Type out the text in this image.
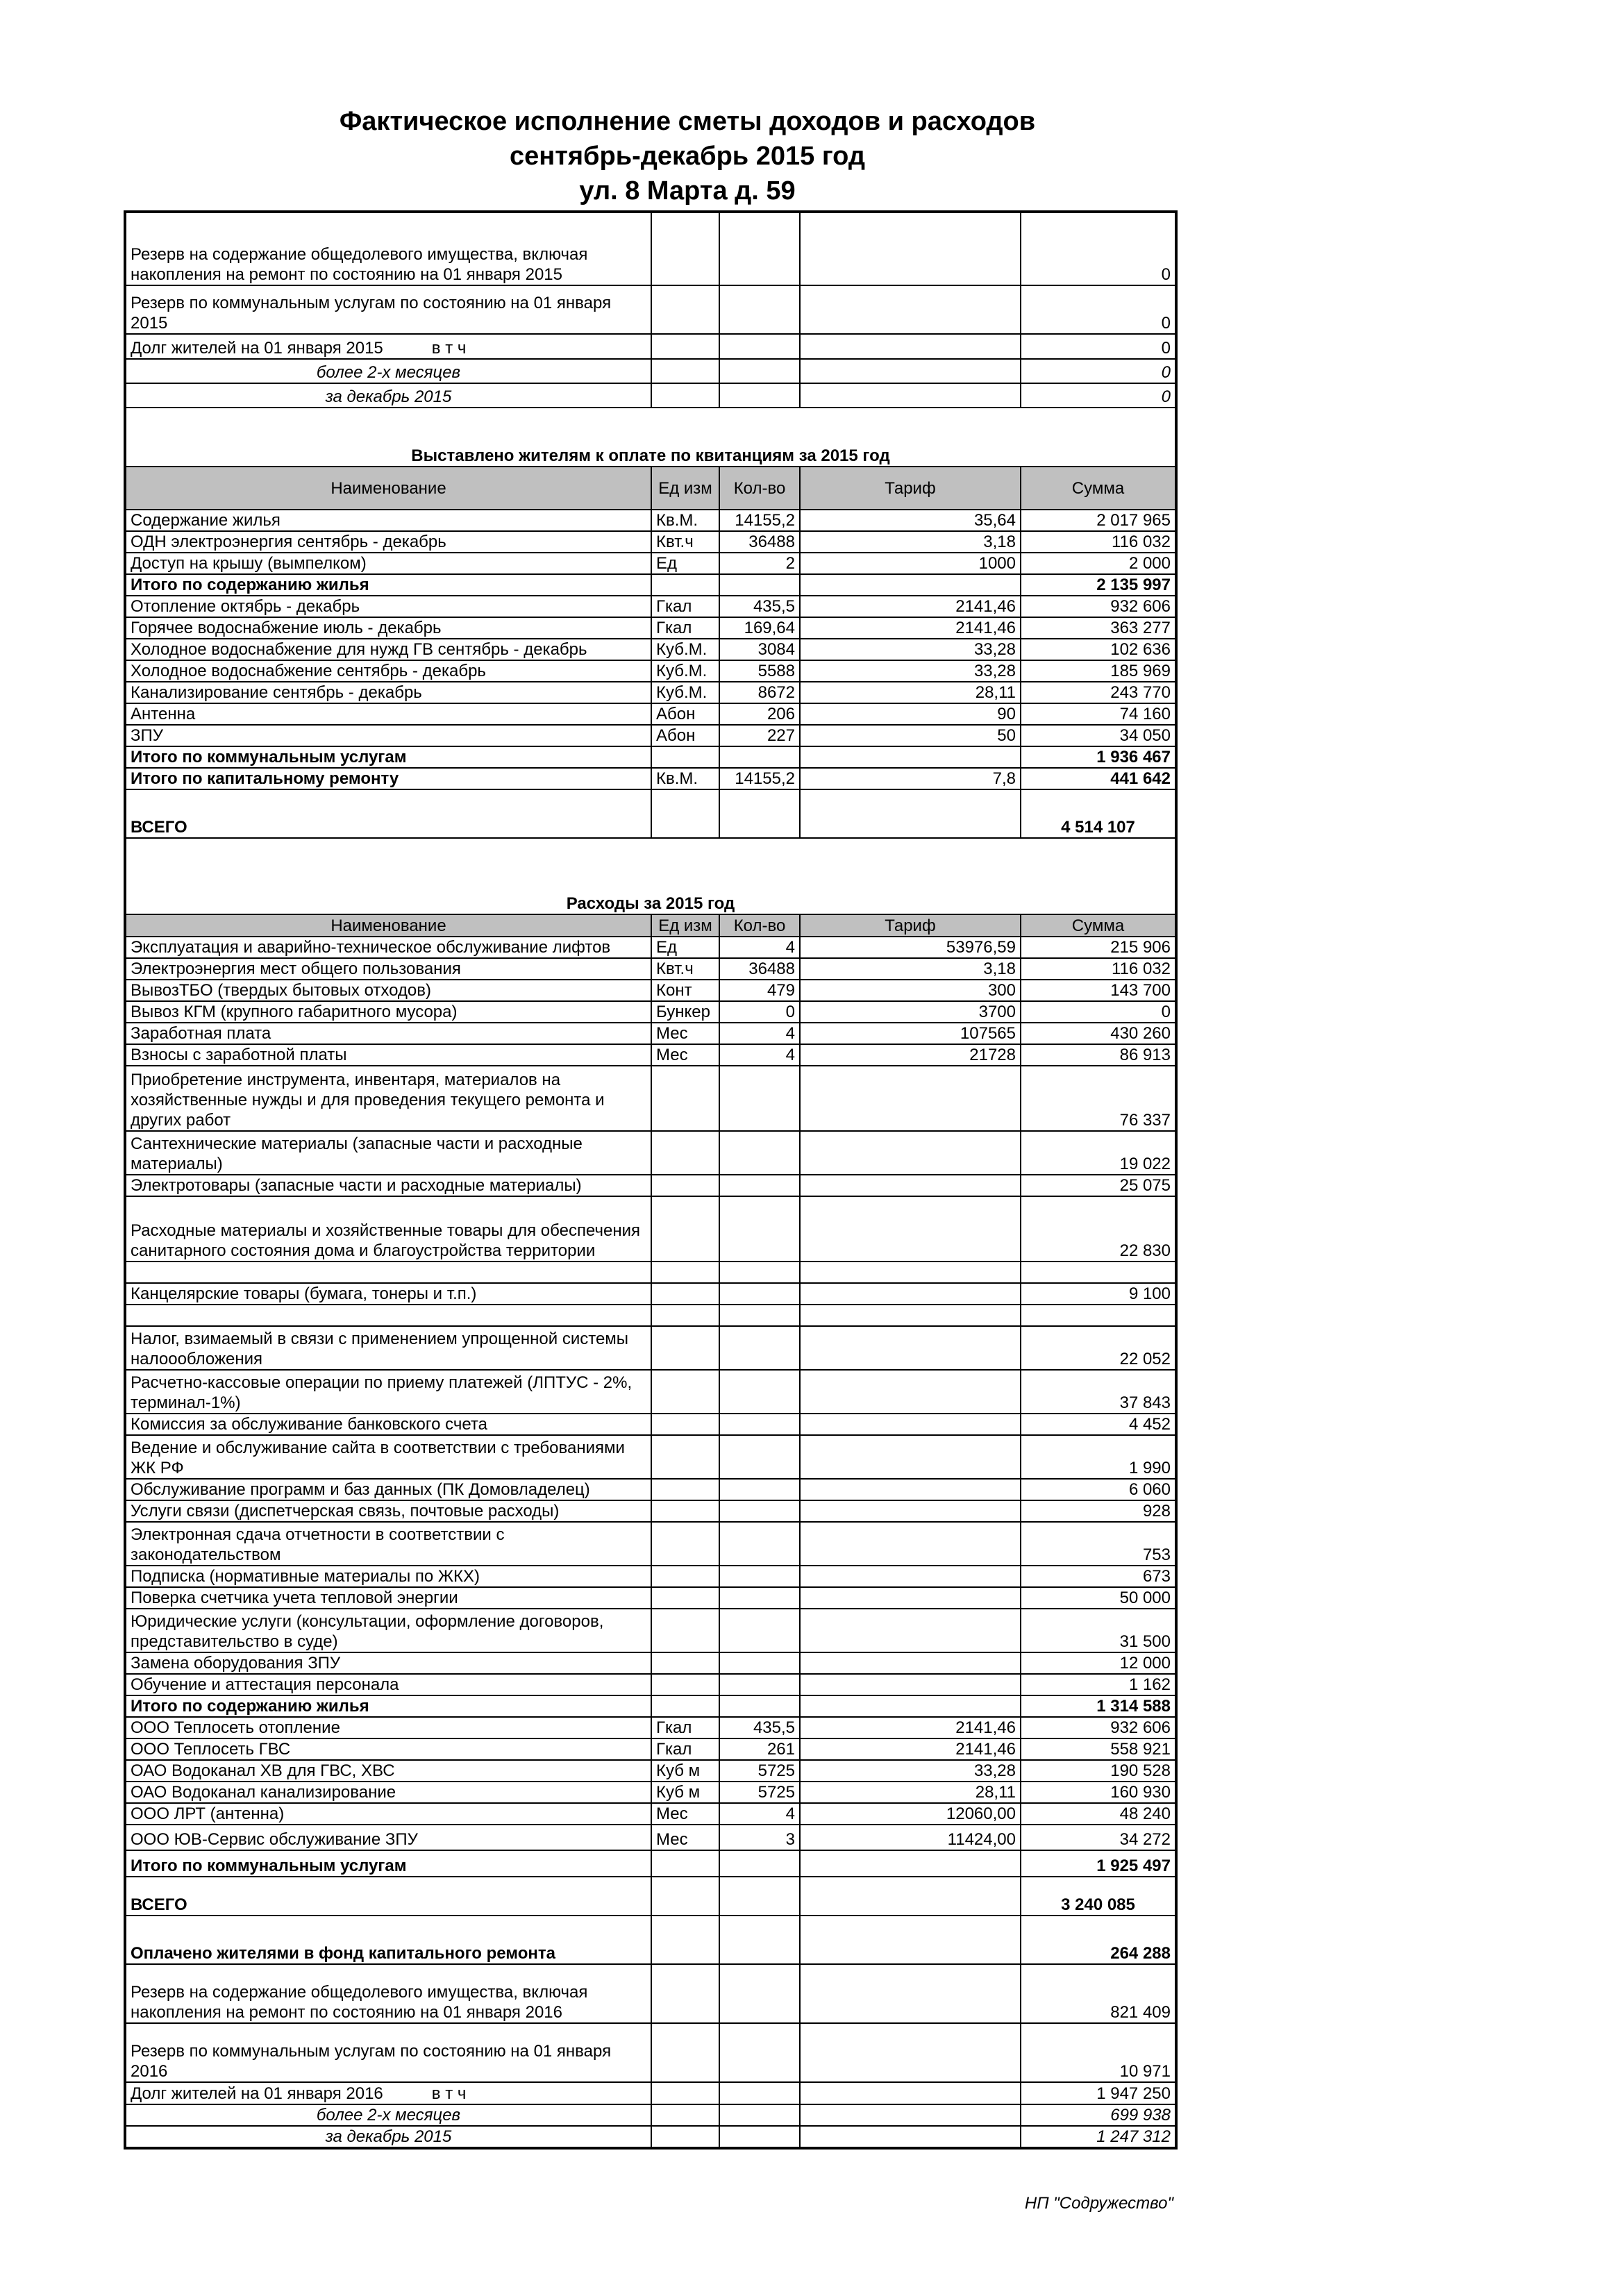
Фактическое исполнение сметы доходов и расходов
сентябрь-декабрь 2015 год
ул. 8 Марта д. 59
Резерв на содержание общедолевого имущества, включая накопления на ремонт по состоянию на 01 января 2015				0
Резерв по коммунальным услугам по состоянию на 01 января 2015				0
Долг жителей на 01 января 2015 в т ч				0
более 2-х месяцев				0
за декабрь 2015				0
Выставлено жителям к оплате по квитанциям за 2015 год				
Наименование	Ед изм	Кол-во	Тариф	Сумма
Содержание жилья	Кв.М.	14155,2	35,64	2 017 965
ОДН электроэнергия сентябрь - декабрь	Квт.ч	36488	3,18	116 032
Доступ на крышу (вымпелком)	Ед	2	1000	2 000
Итого по содержанию жилья				2 135 997
Отопление октябрь - декабрь	Гкал	435,5	2141,46	932 606
Горячее водоснабжение июль - декабрь	Гкал	169,64	2141,46	363 277
Холодное водоснабжение для нужд ГВ сентябрь - декабрь	Куб.М.	3084	33,28	102 636
Холодное водоснабжение сентябрь - декабрь	Куб.М.	5588	33,28	185 969
Канализирование сентябрь - декабрь	Куб.М.	8672	28,11	243 770
Антенна	Абон	206	90	74 160
ЗПУ	Абон	227	50	34 050
Итого по коммунальным услугам				1 936 467
Итого по капитальному ремонту	Кв.М.	14155,2	7,8	441 642
ВСЕГО				4 514 107
Расходы за 2015 год				
Наименование	Ед изм	Кол-во	Тариф	Сумма
Эксплуатация и аварийно-техническое обслуживание лифтов	Ед	4	53976,59	215 906
Электроэнергия мест общего пользования	Квт.ч	36488	3,18	116 032
ВывозТБО (твердых бытовых отходов)	Конт	479	300	143 700
Вывоз КГМ (крупного габаритного мусора)	Бункер	0	3700	0
Заработная плата	Мес	4	107565	430 260
Взносы с заработной платы	Мес	4	21728	86 913
Приобретение инструмента, инвентаря, материалов на хозяйственные нужды и для проведения текущего ремонта и других работ				76 337
Сантехнические материалы (запасные части и расходные материалы)				19 022
Электротовары (запасные части и расходные материалы)				25 075
Расходные материалы и хозяйственные товары для обеспечения санитарного состояния дома и благоустройства территории				22 830

Канцелярские товары (бумага, тонеры и т.п.)				9 100

Налог, взимаемый в связи с применением упрощенной системы налоообложения				22 052
Расчетно-кассовые операции по приему платежей (ЛПТУС - 2%, терминал-1%)				37 843
Комиссия за обслуживание банковского счета				4 452
Ведение и обслуживание сайта в соответствии с требованиями ЖК РФ				1 990
Обслуживание программ и баз данных (ПК Домовладелец)				6 060
Услуги связи (диспетчерская связь, почтовые расходы)				928
Электронная сдача отчетности в соответствии с законодательством				753
Подписка (нормативные материалы по ЖКХ)				673
Поверка счетчика учета тепловой энергии				50 000
Юридические услуги (консультации, оформление договоров, представительство в суде)				31 500
Замена оборудования ЗПУ				12 000
Обучение и аттестация персонала				1 162
Итого по содержанию жилья				1 314 588
ООО Теплосеть отопление	Гкал	435,5	2141,46	932 606
ООО Теплосеть ГВС	Гкал	261	2141,46	558 921
ОАО Водоканал ХВ для ГВС, ХВС	Куб м	5725	33,28	190 528
ОАО Водоканал канализирование	Куб м	5725	28,11	160 930
ООО ЛРТ (антенна)	Мес	4	12060,00	48 240
ООО ЮВ-Сервис обслуживание ЗПУ	Мес	3	11424,00	34 272
Итого по коммунальным услугам				1 925 497
ВСЕГО				3 240 085
Оплачено жителями в фонд капитального ремонта				264 288
Резерв на содержание общедолевого имущества, включая накопления на ремонт по состоянию на 01 января 2016				821 409
Резерв по коммунальным услугам по состоянию на 01 января 2016				10 971
Долг жителей на 01 января 2016 в т ч				1 947 250
более 2-х месяцев				699 938
за декабрь 2015				1 247 312
НП "Содружество"
